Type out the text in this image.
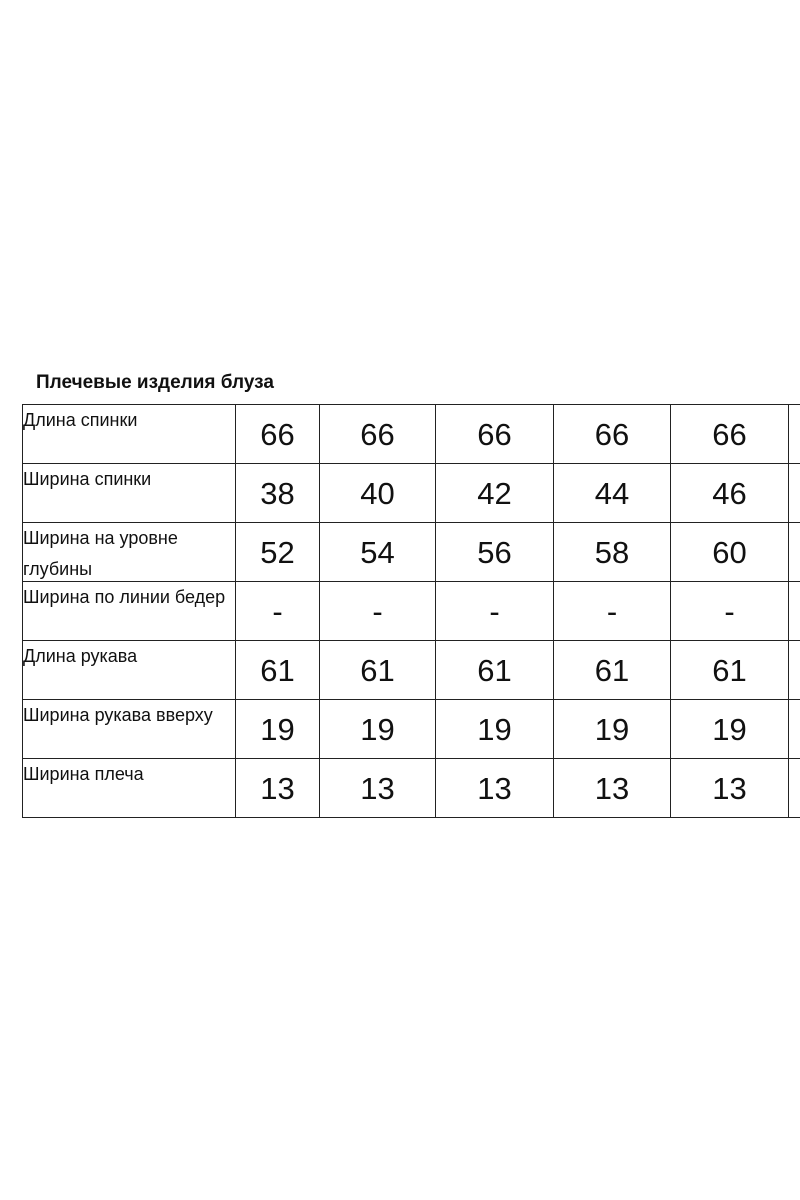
Плечевые изделия блуза
Длина спинки	66	66	66	66	66	

Ширина спинки	38	40	42	44	46	

Ширина на уровне глубины	52	54	56	58	60	

Ширина по линии бедер	-	-	-	-	-	

Длина рукава	61	61	61	61	61	

Ширина рукава вверху	19	19	19	19	19	

Ширина плеча	13	13	13	13	13	
